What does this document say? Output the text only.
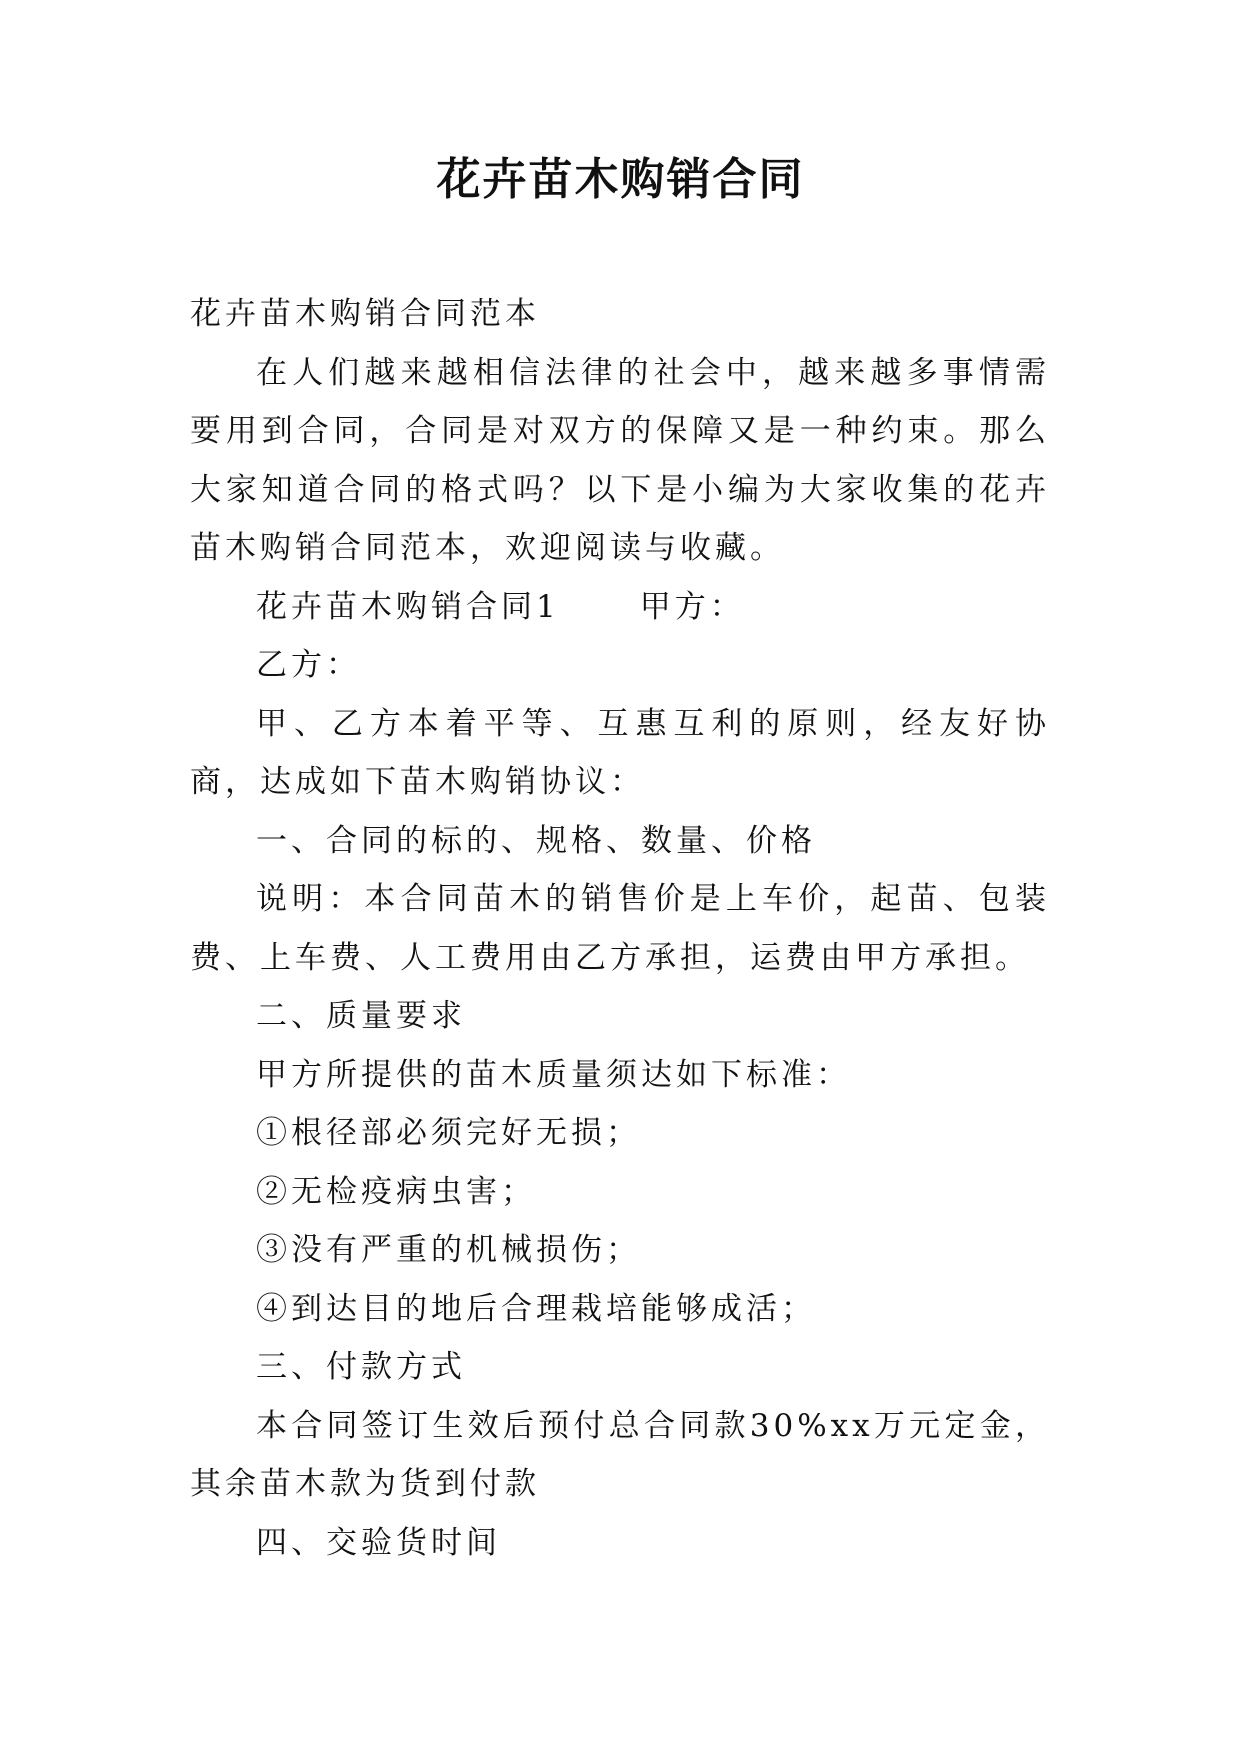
花卉苗木购销合同

花卉苗木购销合同范本

在人们越来越相信法律的社会中，越来越多事情需要用到合同，合同是对双方的保障又是一种约束。那么大家知道合同的格式吗？以下是小编为大家收集的花卉苗木购销合同范本，欢迎阅读与收藏。

花卉苗木购销合同1	甲方：

乙方：

甲、乙方本着平等、互惠互利的原则，经友好协商，达成如下苗木购销协议：

一、合同的标的、规格、数量、价格

说明：本合同苗木的销售价是上车价，起苗、包装费、上车费、人工费用由乙方承担，运费由甲方承担。

二、质量要求

甲方所提供的苗木质量须达如下标准：

①根径部必须完好无损；

②无检疫病虫害；

③没有严重的机械损伤；

④到达目的地后合理栽培能够成活；

三、付款方式

本合同签订生效后预付总合同款30%xx万元定金，其余苗木款为货到付款

四、交验货时间
